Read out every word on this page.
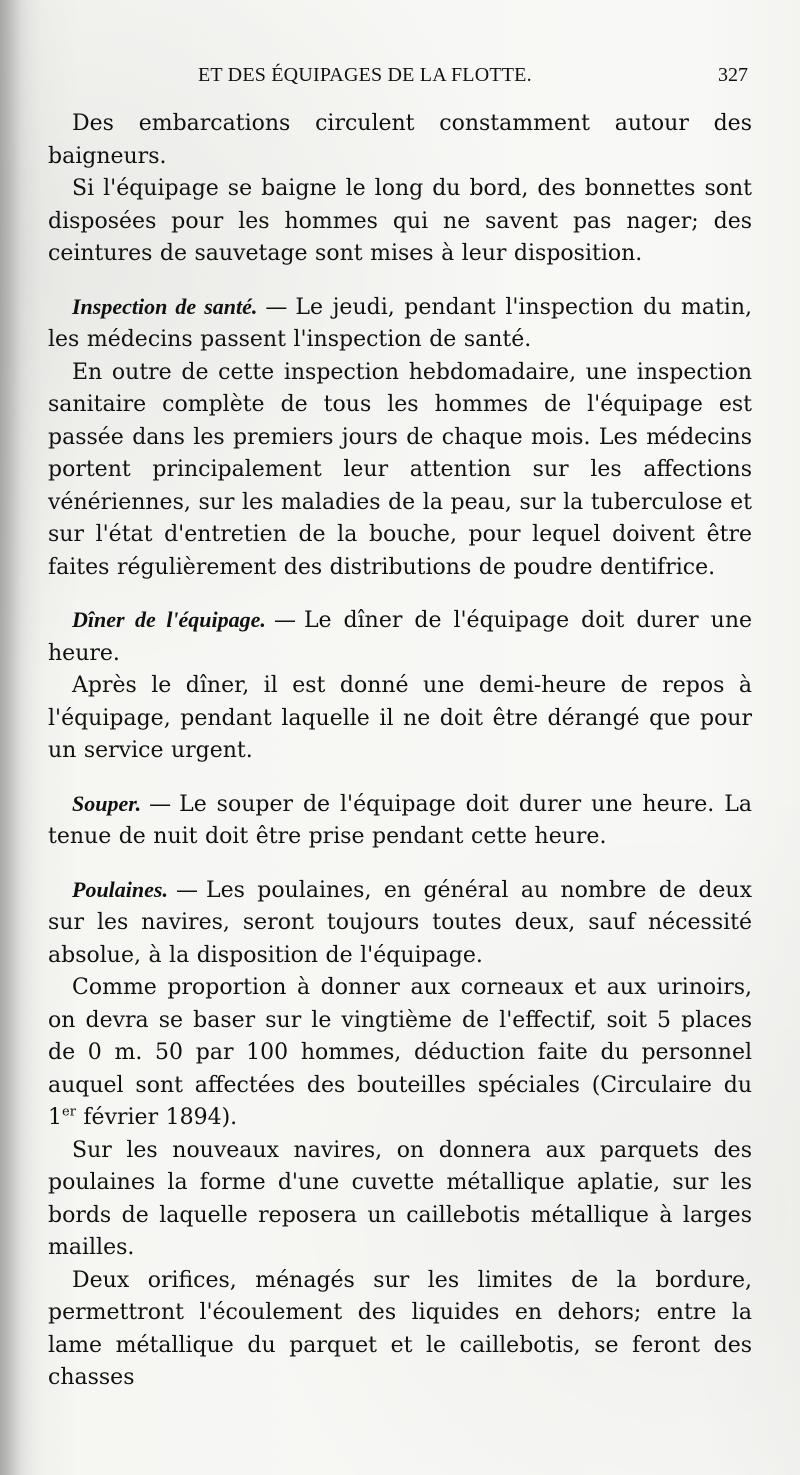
ET DES ÉQUIPAGES DE LA FLOTTE.	327

Des embarcations circulent constamment autour des baigneurs.

Si l'équipage se baigne le long du bord, des bonnettes sont disposées pour les hommes qui ne savent pas nager; des ceintures de sauvetage sont mises à leur disposition.

Inspection de santé. — Le jeudi, pendant l'inspection du matin, les médecins passent l'inspection de santé.

En outre de cette inspection hebdomadaire, une inspection sanitaire complète de tous les hommes de l'équipage est passée dans les premiers jours de chaque mois. Les médecins portent principalement leur attention sur les affections vénériennes, sur les maladies de la peau, sur la tuberculose et sur l'état d'entretien de la bouche, pour lequel doivent être faites régulièrement des distributions de poudre dentifrice.

Dîner de l'équipage. — Le dîner de l'équipage doit durer une heure.

Après le dîner, il est donné une demi-heure de repos à l'équipage, pendant laquelle il ne doit être dérangé que pour un service urgent.

Souper. — Le souper de l'équipage doit durer une heure. La tenue de nuit doit être prise pendant cette heure.

Poulaines. — Les poulaines, en général au nombre de deux sur les navires, seront toujours toutes deux, sauf nécessité absolue, à la disposition de l'équipage.

Comme proportion à donner aux corneaux et aux urinoirs, on devra se baser sur le vingtième de l'effectif, soit 5 places de 0 m. 50 par 100 hommes, déduction faite du personnel auquel sont affectées des bouteilles spéciales (Circulaire du 1er février 1894).

Sur les nouveaux navires, on donnera aux parquets des poulaines la forme d'une cuvette métallique aplatie, sur les bords de laquelle reposera un caillebotis métallique à larges mailles.

Deux orifices, ménagés sur les limites de la bordure, permettront l'écoulement des liquides en dehors; entre la lame métallique du parquet et le caillebotis, se feront des chasses
